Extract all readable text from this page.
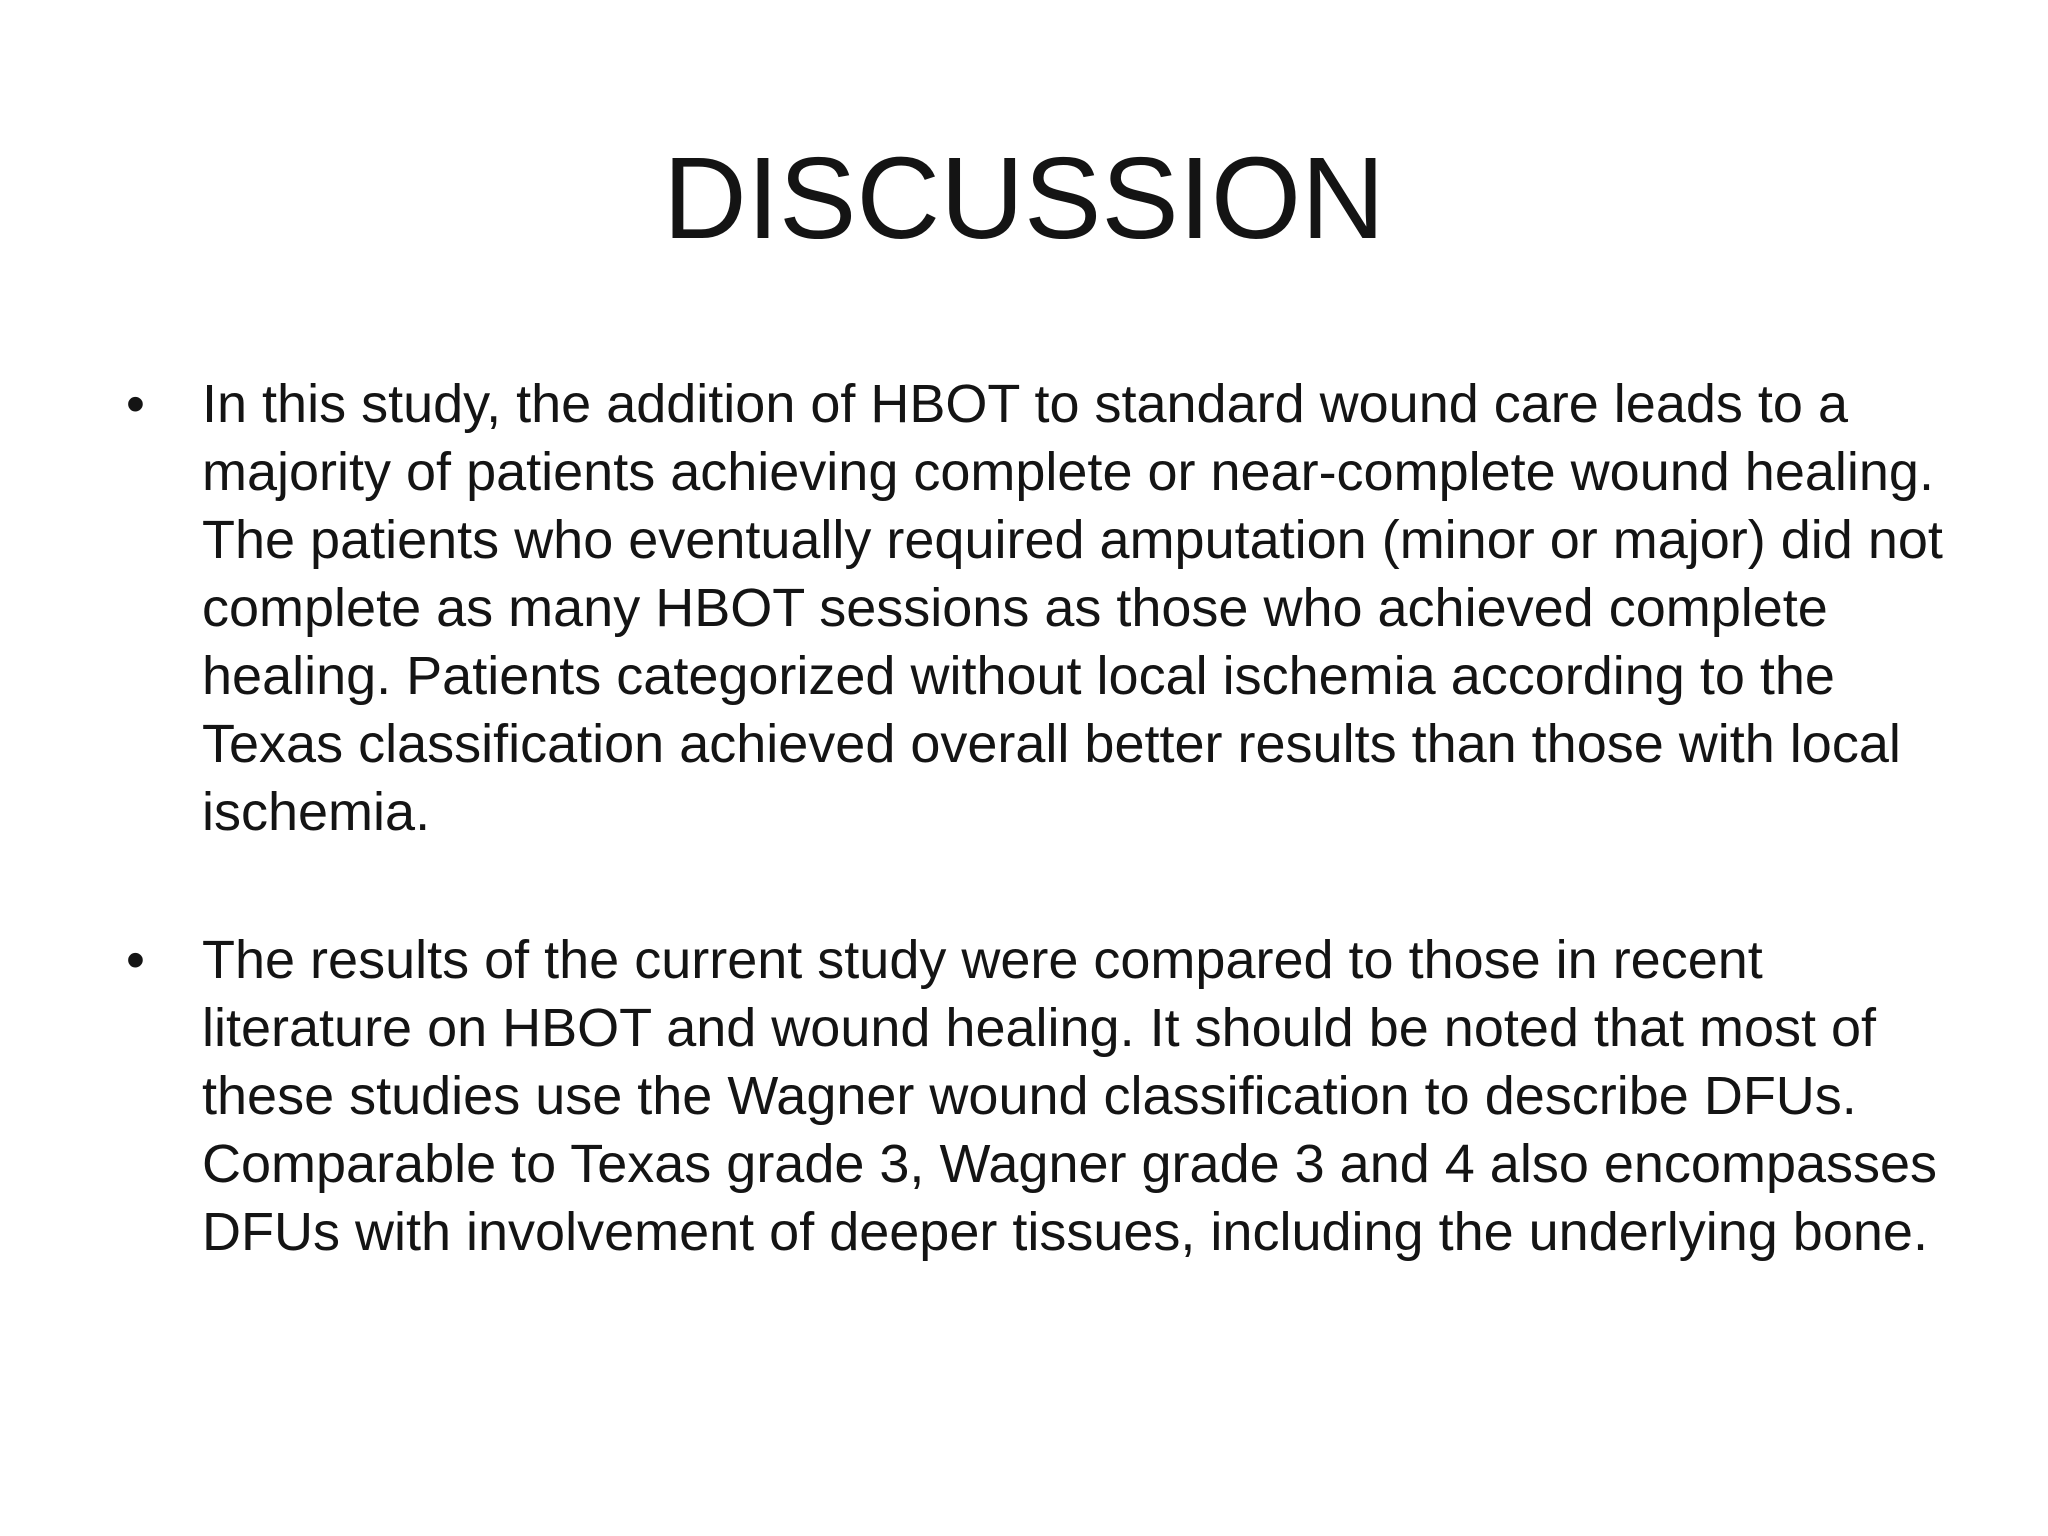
DISCUSSION
•	In this study, the addition of HBOT to standard wound care leads to a majority of patients achieving complete or near-complete wound healing. The patients who eventually required amputation (minor or major) did not complete as many HBOT sessions as those who achieved complete healing. Patients categorized without local ischemia according to the Texas classification achieved overall better results than those with local ischemia.
•	The results of the current study were compared to those in recent literature on HBOT and wound healing. It should be noted that most of these studies use the Wagner wound classification to describe DFUs. Comparable to Texas grade 3, Wagner grade 3 and 4 also encompasses DFUs with involvement of deeper tissues, including the underlying bone.
